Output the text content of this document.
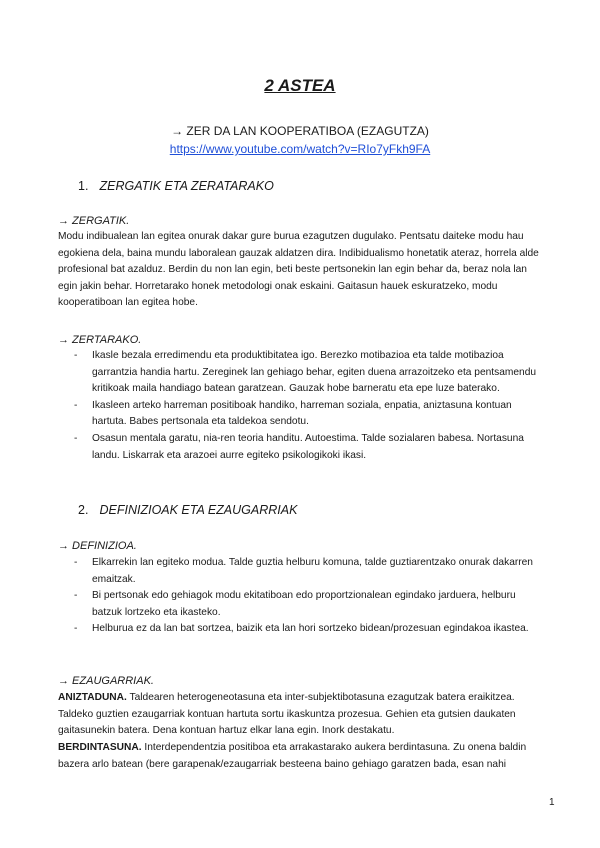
2 ASTEA

→ ZER DA LAN KOOPERATIBOA (EZAGUTZA)

https://www.youtube.com/watch?v=RIo7yFkh9FA

1. ZERGATIK ETA ZERATARAKO

→ ZERGATIK.

Modu indibualean lan egitea onurak dakar gure burua ezagutzen dugulako. Pentsatu daiteke modu hau egokiena dela, baina mundu laboralean gauzak aldatzen dira. Indibidualismo honetatik ateraz, horrela alde profesional bat azalduz. Berdin du non lan egin, beti beste pertsonekin lan egin behar da, beraz nola lan egin jakin behar. Horretarako honek metodologi onak eskaini. Gaitasun hauek eskuratzeko, modu kooperatiboan lan egitea hobe.

→ ZERTARAKO.

- Ikasle bezala erredimendu eta produktibitatea igo. Berezko motibazioa eta talde motibazioa garrantzia handia hartu. Zereginek lan gehiago behar, egiten duena arrazoitzeko eta pentsamendu kritikoak maila handiago batean garatzean. Gauzak hobe barneratu eta epe luze baterako.
- Ikasleen arteko harreman positiboak handiko, harreman soziala, enpatia, aniztasuna kontuan hartuta. Babes pertsonala eta taldekoa sendotu.
- Osasun mentala garatu, nia-ren teoria handitu. Autoestima. Talde sozialaren babesa. Nortasuna landu. Liskarrak eta arazoei aurre egiteko psikologikoki ikasi.

2. DEFINIZIOAK ETA EZAUGARRIAK

→ DEFINIZIOA.

- Elkarrekin lan egiteko modua. Talde guztia helburu komuna, talde guztiarentzako onurak dakarren emaitzak.
- Bi pertsonak edo gehiagok modu ekitatiboan edo proportzionalean egindako jarduera, helburu batzuk lortzeko eta ikasteko.
- Helburua ez da lan bat sortzea, baizik eta lan hori sortzeko bidean/prozesuan egindakoa ikastea.

→ EZAUGARRIAK.

ANIZTADUNA. Taldearen heterogeneotasuna eta inter-subjektibotasuna ezagutzak batera eraikitzea. Taldeko guztien ezaugarriak kontuan hartuta sortu ikaskuntza prozesua. Gehien eta gutsien daukaten gaitasunekin batera. Dena kontuan hartuz elkar lana egin. Inork destakatu.

BERDINTASUNA. Interdependentzia positiboa eta arrakastarako aukera berdintasuna. Zu onena baldin bazera arlo batean (bere garapenak/ezaugarriak besteena baino gehiago garatzen bada, esan nahi

1
